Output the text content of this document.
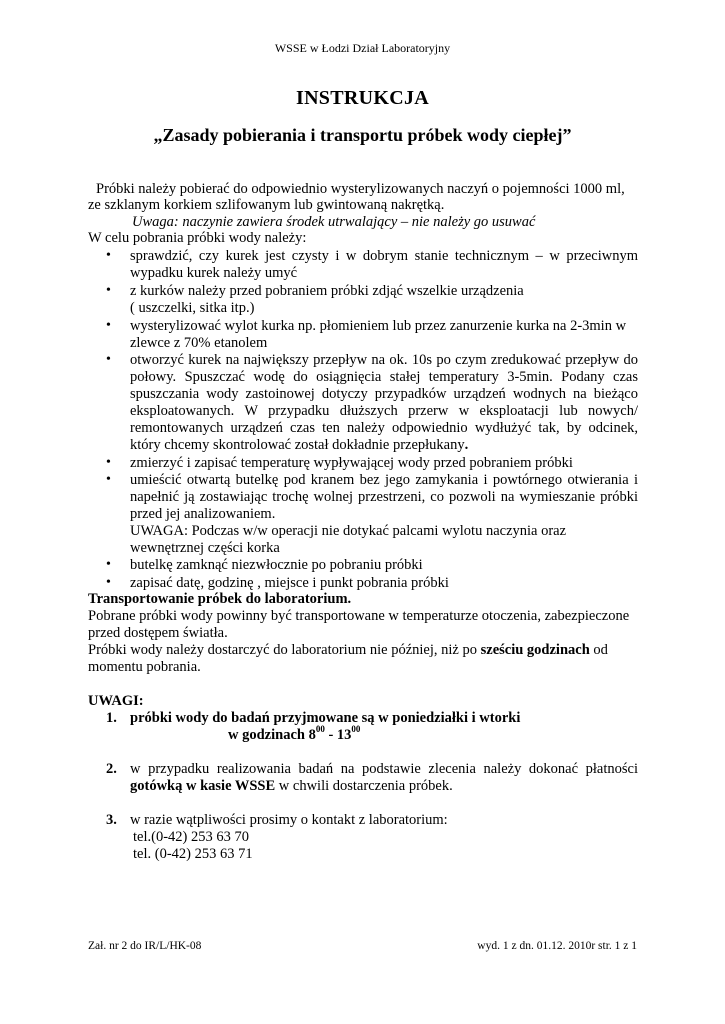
WSSE w Łodzi Dział Laboratoryjny
INSTRUKCJA
„Zasady pobierania i transportu próbek wody ciepłej”
Próbki należy pobierać do odpowiednio wysterylizowanych naczyń o pojemności 1000 ml,
ze szklanym korkiem szlifowanym lub gwintowaną nakrętką.
Uwaga: naczynie zawiera środek utrwalający – nie należy go usuwać
W celu pobrania próbki wody należy:
• sprawdzić, czy kurek jest czysty i w dobrym stanie technicznym – w przeciwnym
wypadku kurek należy umyć
• z kurków należy przed pobraniem próbki zdjąć wszelkie urządzenia
( uszczelki, sitka itp.)
• wysterylizować wylot kurka np. płomieniem lub przez zanurzenie kurka na 2-3min w
zlewce z 70% etanolem
• otworzyć kurek na największy przepływ na ok. 10s po czym zredukować przepływ do
połowy. Spuszczać wodę do osiągnięcia stałej temperatury 3-5min. Podany czas
spuszczania wody zastoinowej dotyczy przypadków urządzeń wodnych na bieżąco
eksploatowanych. W przypadku dłuższych przerw w eksploatacji lub nowych/
remontowanych urządzeń czas ten należy odpowiednio wydłużyć tak, by odcinek,
który chcemy skontrolować został dokładnie przepłukany.
• zmierzyć i zapisać temperaturę wypływającej wody przed pobraniem próbki
• umieścić otwartą butelkę pod kranem bez jego zamykania i powtórnego otwierania i
napełnić ją zostawiając trochę wolnej przestrzeni, co pozwoli na wymieszanie próbki
przed jej analizowaniem.
UWAGA: Podczas w/w operacji nie dotykać palcami wylotu naczynia oraz
wewnętrznej części korka
• butelkę zamknąć niezwłocznie po pobraniu próbki
• zapisać datę, godzinę , miejsce i punkt pobrania próbki
Transportowanie próbek do laboratorium.
Pobrane próbki wody powinny być transportowane w temperaturze otoczenia, zabezpieczone
przed dostępem światła.
Próbki wody należy dostarczyć do laboratorium nie później, niż po sześciu godzinach od
momentu pobrania.
UWAGI:
1. próbki wody do badań przyjmowane są w poniedziałki i wtorki
w godzinach $8^{00} - 13^{00}$
2. w przypadku realizowania badań na podstawie zlecenia należy dokonać płatności
gotówką w kasie WSSE w chwili dostarczenia próbek.
3. w razie wątpliwości prosimy o kontakt z laboratorium:
tel.(0-42) 253 63 70
tel. (0-42) 253 63 71
Zał. nr 2 do IR/L/HK-08	wyd. 1 z dn. 01.12. 2010r str. 1 z 1
